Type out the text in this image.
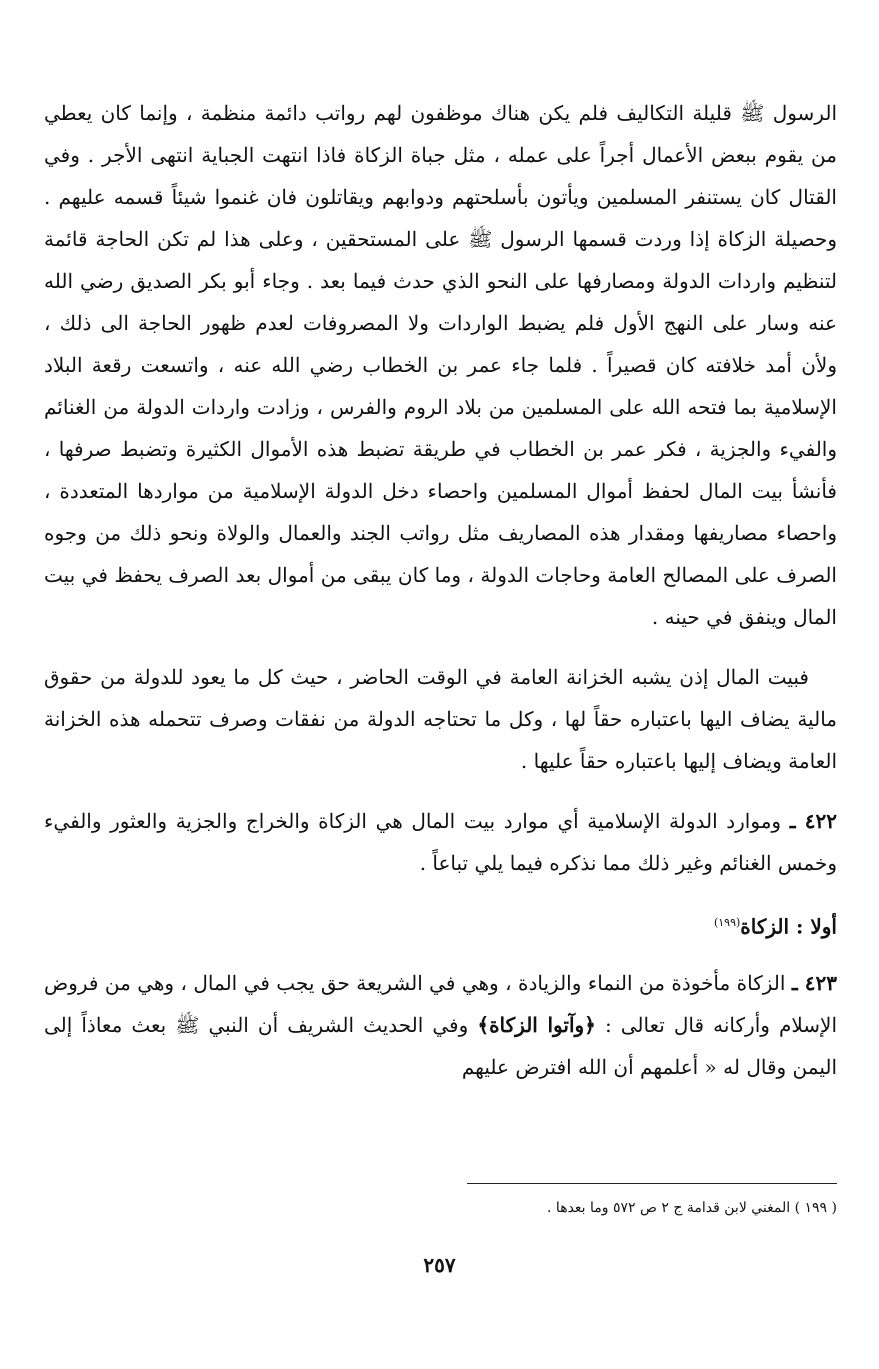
الرسول ﷺ قليلة التكاليف فلم يكن هناك موظفون لهم رواتب دائمة منظمة ، وإنما كان يعطي من يقوم ببعض الأعمال أجراً على عمله ، مثل جباة الزكاة فاذا انتهت الجباية انتهى الأجر . وفي القتال كان يستنفر المسلمين ويأتون بأسلحتهم ودوابهم ويقاتلون فان غنموا شيئاً قسمه عليهم . وحصيلة الزكاة إذا وردت قسمها الرسول ﷺ على المستحقين ، وعلى هذا لم تكن الحاجة قائمة لتنظيم واردات الدولة ومصارفها على النحو الذي حدث فيما بعد . وجاء أبو بكر الصديق رضي الله عنه وسار على النهج الأول فلم يضبط الواردات ولا المصروفات لعدم ظهور الحاجة الى ذلك ، ولأن أمد خلافته كان قصيراً . فلما جاء عمر بن الخطاب رضي الله عنه ، واتسعت رقعة البلاد الإسلامية بما فتحه الله على المسلمين من بلاد الروم والفرس ، وزادت واردات الدولة من الغنائم والفيء والجزية ، فكر عمر بن الخطاب في طريقة تضبط هذه الأموال الكثيرة وتضبط صرفها ، فأنشأ بيت المال لحفظ أموال المسلمين واحصاء دخل الدولة الإسلامية من مواردها المتعددة ، واحصاء مصاريفها ومقدار هذه المصاريف مثل رواتب الجند والعمال والولاة ونحو ذلك من وجوه الصرف على المصالح العامة وحاجات الدولة ، وما كان يبقى من أموال بعد الصرف يحفظ في بيت المال وينفق في حينه .

فبيت المال إذن يشبه الخزانة العامة في الوقت الحاضر ، حيث كل ما يعود للدولة من حقوق مالية يضاف اليها باعتباره حقاً لها ، وكل ما تحتاجه الدولة من نفقات وصرف تتحمله هذه الخزانة العامة ويضاف إليها باعتباره حقاً عليها .

٤٢٢ ـ وموارد الدولة الإسلامية أي موارد بيت المال هي الزكاة والخراج والجزية والعثور والفيء وخمس الغنائم وغير ذلك مما نذكره فيما يلي تباعاً .

أولا : الزكاة$^{(١٩٩)}$

٤٢٣ ـ الزكاة مأخوذة من النماء والزيادة ، وهي في الشريعة حق يجب في المال ، وهي من فروض الإسلام وأركانه قال تعالى : ﴿وآتوا الزكاة﴾ وفي الحديث الشريف أن النبي ﷺ بعث معاذاً إلى اليمن وقال له « أعلمهم أن الله افترض عليهم

( ١٩٩ ) المغني لابن قدامة ج ٢ ص ٥٧٢ وما بعدها .

٢٥٧
